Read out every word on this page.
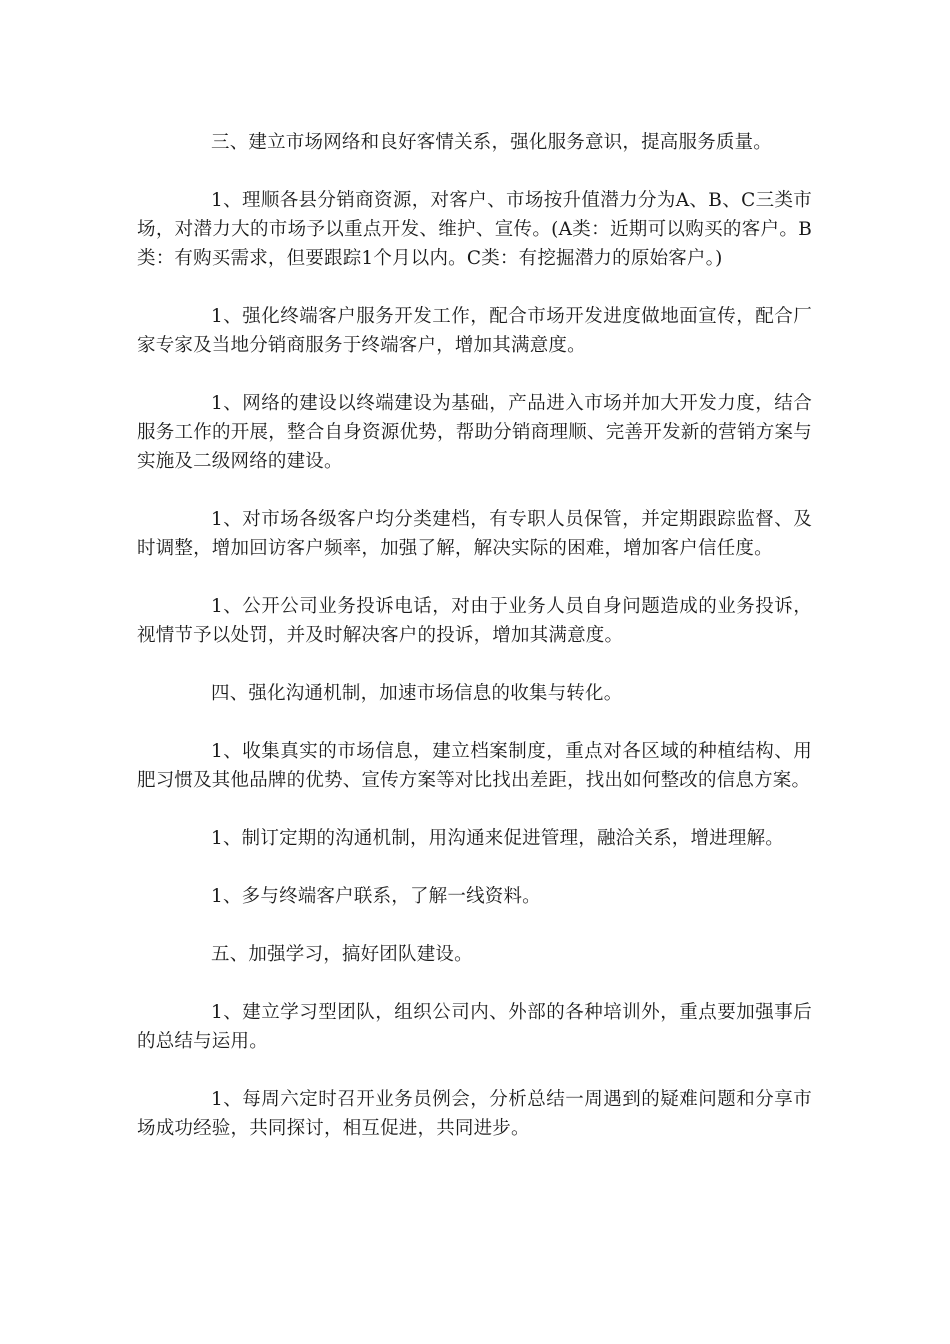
三、建立市场网络和良好客情关系，强化服务意识，提高服务质量。

1、理顺各县分销商资源，对客户、市场按升值潜力分为A、B、C三类市场，对潜力大的市场予以重点开发、维护、宣传。(A类：近期可以购买的客户。B类：有购买需求，但要跟踪1个月以内。C类：有挖掘潜力的原始客户。)

1、强化终端客户服务开发工作，配合市场开发进度做地面宣传，配合厂家专家及当地分销商服务于终端客户，增加其满意度。

1、网络的建设以终端建设为基础，产品进入市场并加大开发力度，结合服务工作的开展，整合自身资源优势，帮助分销商理顺、完善开发新的营销方案与实施及二级网络的建设。

1、对市场各级客户均分类建档，有专职人员保管，并定期跟踪监督、及时调整，增加回访客户频率，加强了解，解决实际的困难，增加客户信任度。

1、公开公司业务投诉电话，对由于业务人员自身问题造成的业务投诉，视情节予以处罚，并及时解决客户的投诉，增加其满意度。

四、强化沟通机制，加速市场信息的收集与转化。

1、收集真实的市场信息，建立档案制度，重点对各区域的种植结构、用肥习惯及其他品牌的优势、宣传方案等对比找出差距，找出如何整改的信息方案。

1、制订定期的沟通机制，用沟通来促进管理，融洽关系，增进理解。

1、多与终端客户联系，了解一线资料。

五、加强学习，搞好团队建设。

1、建立学习型团队，组织公司内、外部的各种培训外，重点要加强事后的总结与运用。

1、每周六定时召开业务员例会，分析总结一周遇到的疑难问题和分享市场成功经验，共同探讨，相互促进，共同进步。
